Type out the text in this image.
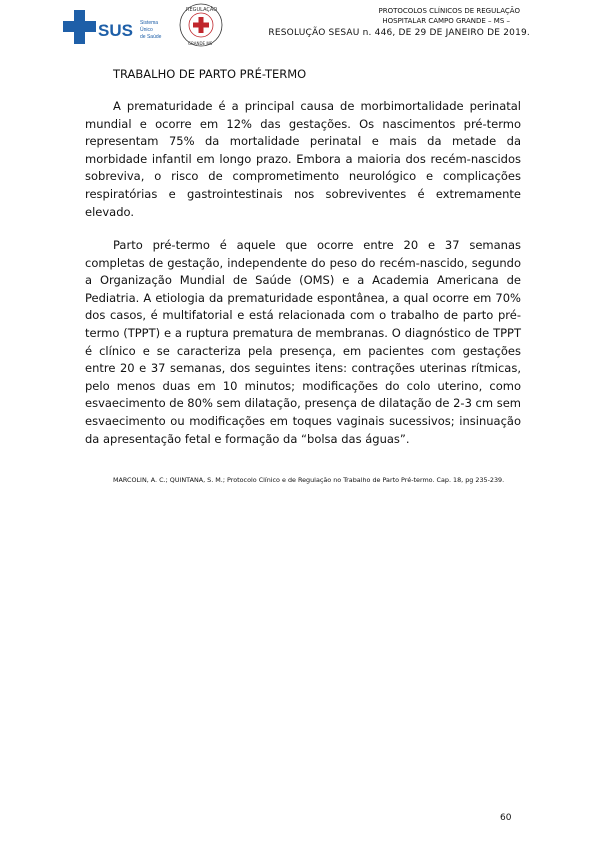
SUS Sistema
Único
de Saúde
REGULAÇÃO
GRANDE MS
PROTOCOLOS CLÍNICOS DE REGULAÇÃO
HOSPITALAR CAMPO GRANDE – MS –
RESOLUÇÃO SESAU n. 446, DE 29 DE JANEIRO DE 2019.
TRABALHO DE PARTO PRÉ-TERMO

A prematuridade é a principal causa de morbimortalidade perinatal mundial e ocorre em 12% das gestações. Os nascimentos pré-termo representam 75% da mortalidade perinatal e mais da metade da morbidade infantil em longo prazo. Embora a maioria dos recém-nascidos sobreviva, o risco de comprometimento neurológico e complicações respiratórias e gastrointestinais nos sobreviventes é extremamente elevado.

Parto pré-termo é aquele que ocorre entre 20 e 37 semanas completas de gestação, independente do peso do recém-nascido, segundo a Organização Mundial de Saúde (OMS) e a Academia Americana de Pediatria. A etiologia da prematuridade espontânea, a qual ocorre em 70% dos casos, é multifatorial e está relacionada com o trabalho de parto pré-termo (TPPT) e a ruptura prematura de membranas. O diagnóstico de TPPT é clínico e se caracteriza pela presença, em pacientes com gestações entre 20 e 37 semanas, dos seguintes itens: contrações uterinas rítmicas, pelo menos duas em 10 minutos; modificações do colo uterino, como esvaecimento de 80% sem dilatação, presença de dilatação de 2-3 cm sem esvaecimento ou modificações em toques vaginais sucessivos; insinuação da apresentação fetal e formação da “bolsa das águas”.

MARCOLIN, A. C.; QUINTANA, S. M.; Protocolo Clínico e de Regulação no Trabalho de Parto Pré-termo. Cap. 18, pg 235-239.

60
